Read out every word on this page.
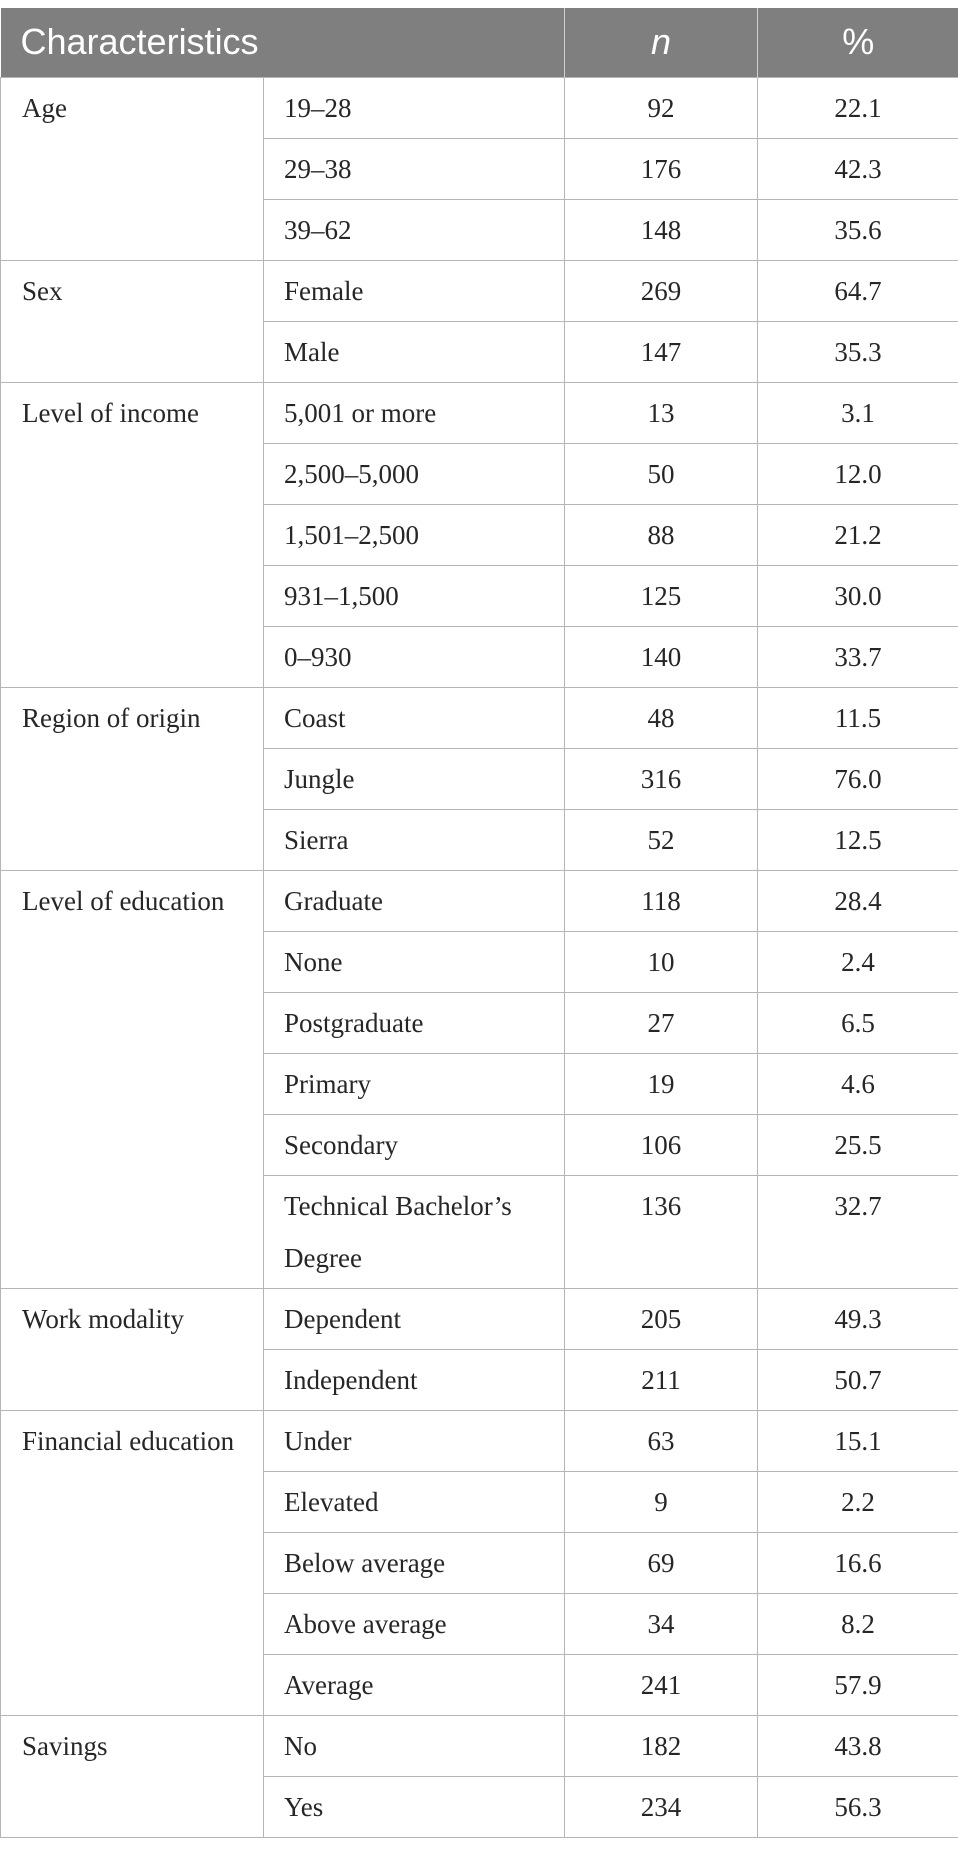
Characteristics		n	%
Age	19–28	92	22.1
	29–38	176	42.3
	39–62	148	35.6
Sex	Female	269	64.7
	Male	147	35.3
Level of income	5,001 or more	13	3.1
	2,500–5,000	50	12.0
	1,501–2,500	88	21.2
	931–1,500	125	30.0
	0–930	140	33.7
Region of origin	Coast	48	11.5
	Jungle	316	76.0
	Sierra	52	12.5
Level of education	Graduate	118	28.4
	None	10	2.4
	Postgraduate	27	6.5
	Primary	19	4.6
	Secondary	106	25.5
	Technical Bachelor’s Degree	136	32.7
Work modality	Dependent	205	49.3
	Independent	211	50.7
Financial education	Under	63	15.1
	Elevated	9	2.2
	Below average	69	16.6
	Above average	34	8.2
	Average	241	57.9
Savings	No	182	43.8
	Yes	234	56.3
